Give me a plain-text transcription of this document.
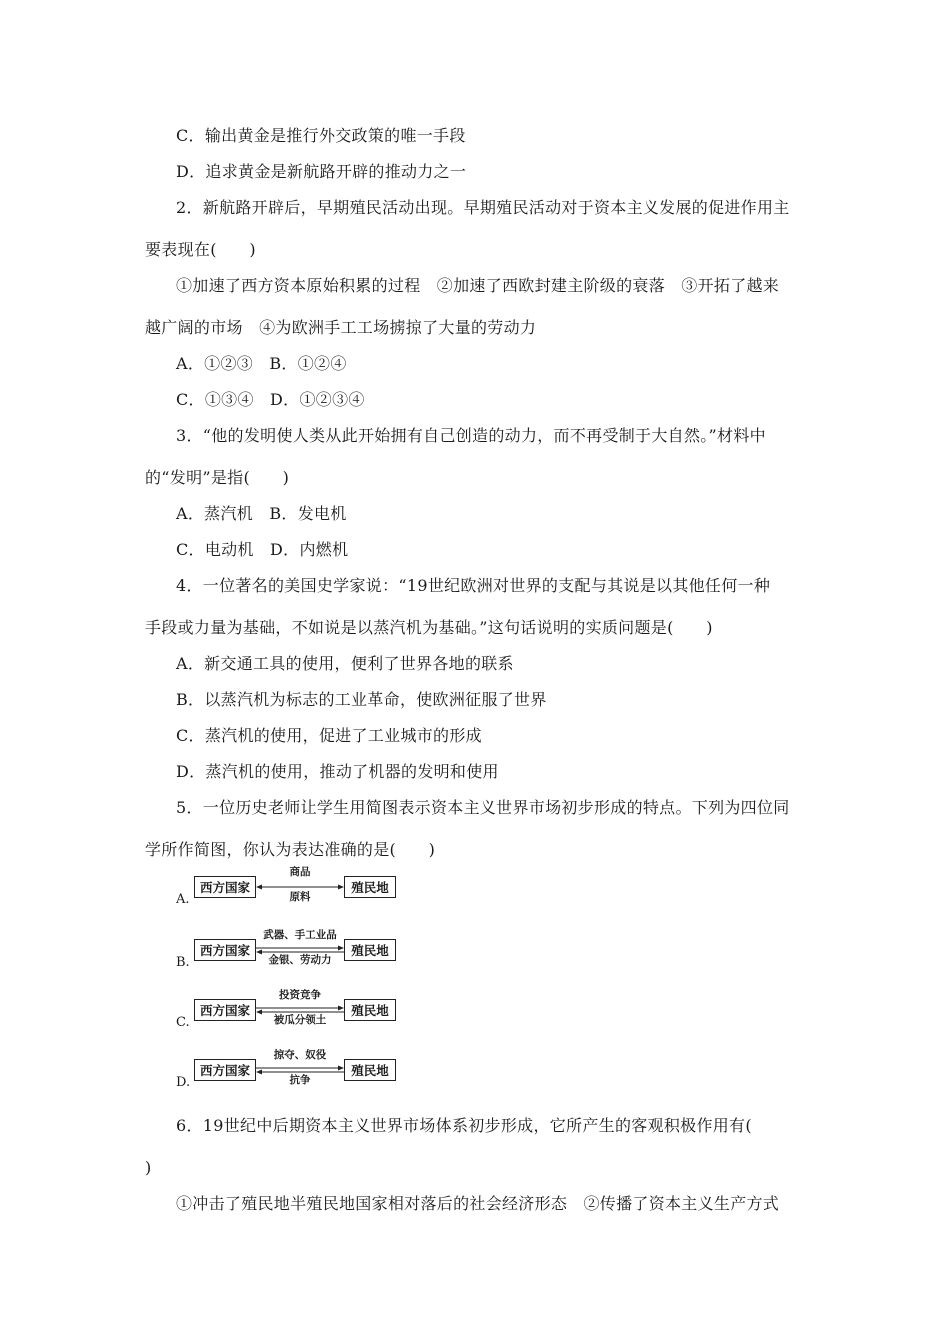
C．输出黄金是推行外交政策的唯一手段
D．追求黄金是新航路开辟的推动力之一
2．新航路开辟后，早期殖民活动出现。早期殖民活动对于资本主义发展的促进作用主
要表现在(　　)
①加速了西方资本原始积累的过程　②加速了西欧封建主阶级的衰落　③开拓了越来
越广阔的市场　④为欧洲手工工场掳掠了大量的劳动力
A．①②③　B．①②④
C．①③④　D．①②③④
3．“他的发明使人类从此开始拥有自己创造的动力，而不再受制于大自然。”材料中
的“发明”是指(　　)
A．蒸汽机　B．发电机
C．电动机　D．内燃机
4．一位著名的美国史学家说：“19世纪欧洲对世界的支配与其说是以其他任何一种
手段或力量为基础，不如说是以蒸汽机为基础。”这句话说明的实质问题是(　　)
A．新交通工具的使用，便利了世界各地的联系
B．以蒸汽机为标志的工业革命，使欧洲征服了世界
C．蒸汽机的使用，促进了工业城市的形成
D．蒸汽机的使用，推动了机器的发明和使用
5．一位历史老师让学生用简图表示资本主义世界市场初步形成的特点。下列为四位同
学所作简图，你认为表达准确的是(　　)
A.
西方国家
商品
原料
殖民地
B.
西方国家
武器、手工业品
金银、劳动力
殖民地
C.
西方国家
投资竞争
被瓜分领土
殖民地
D.
西方国家
掠夺、奴役
抗争
殖民地
6．19世纪中后期资本主义世界市场体系初步形成，它所产生的客观积极作用有(
)
①冲击了殖民地半殖民地国家相对落后的社会经济形态　②传播了资本主义生产方式
